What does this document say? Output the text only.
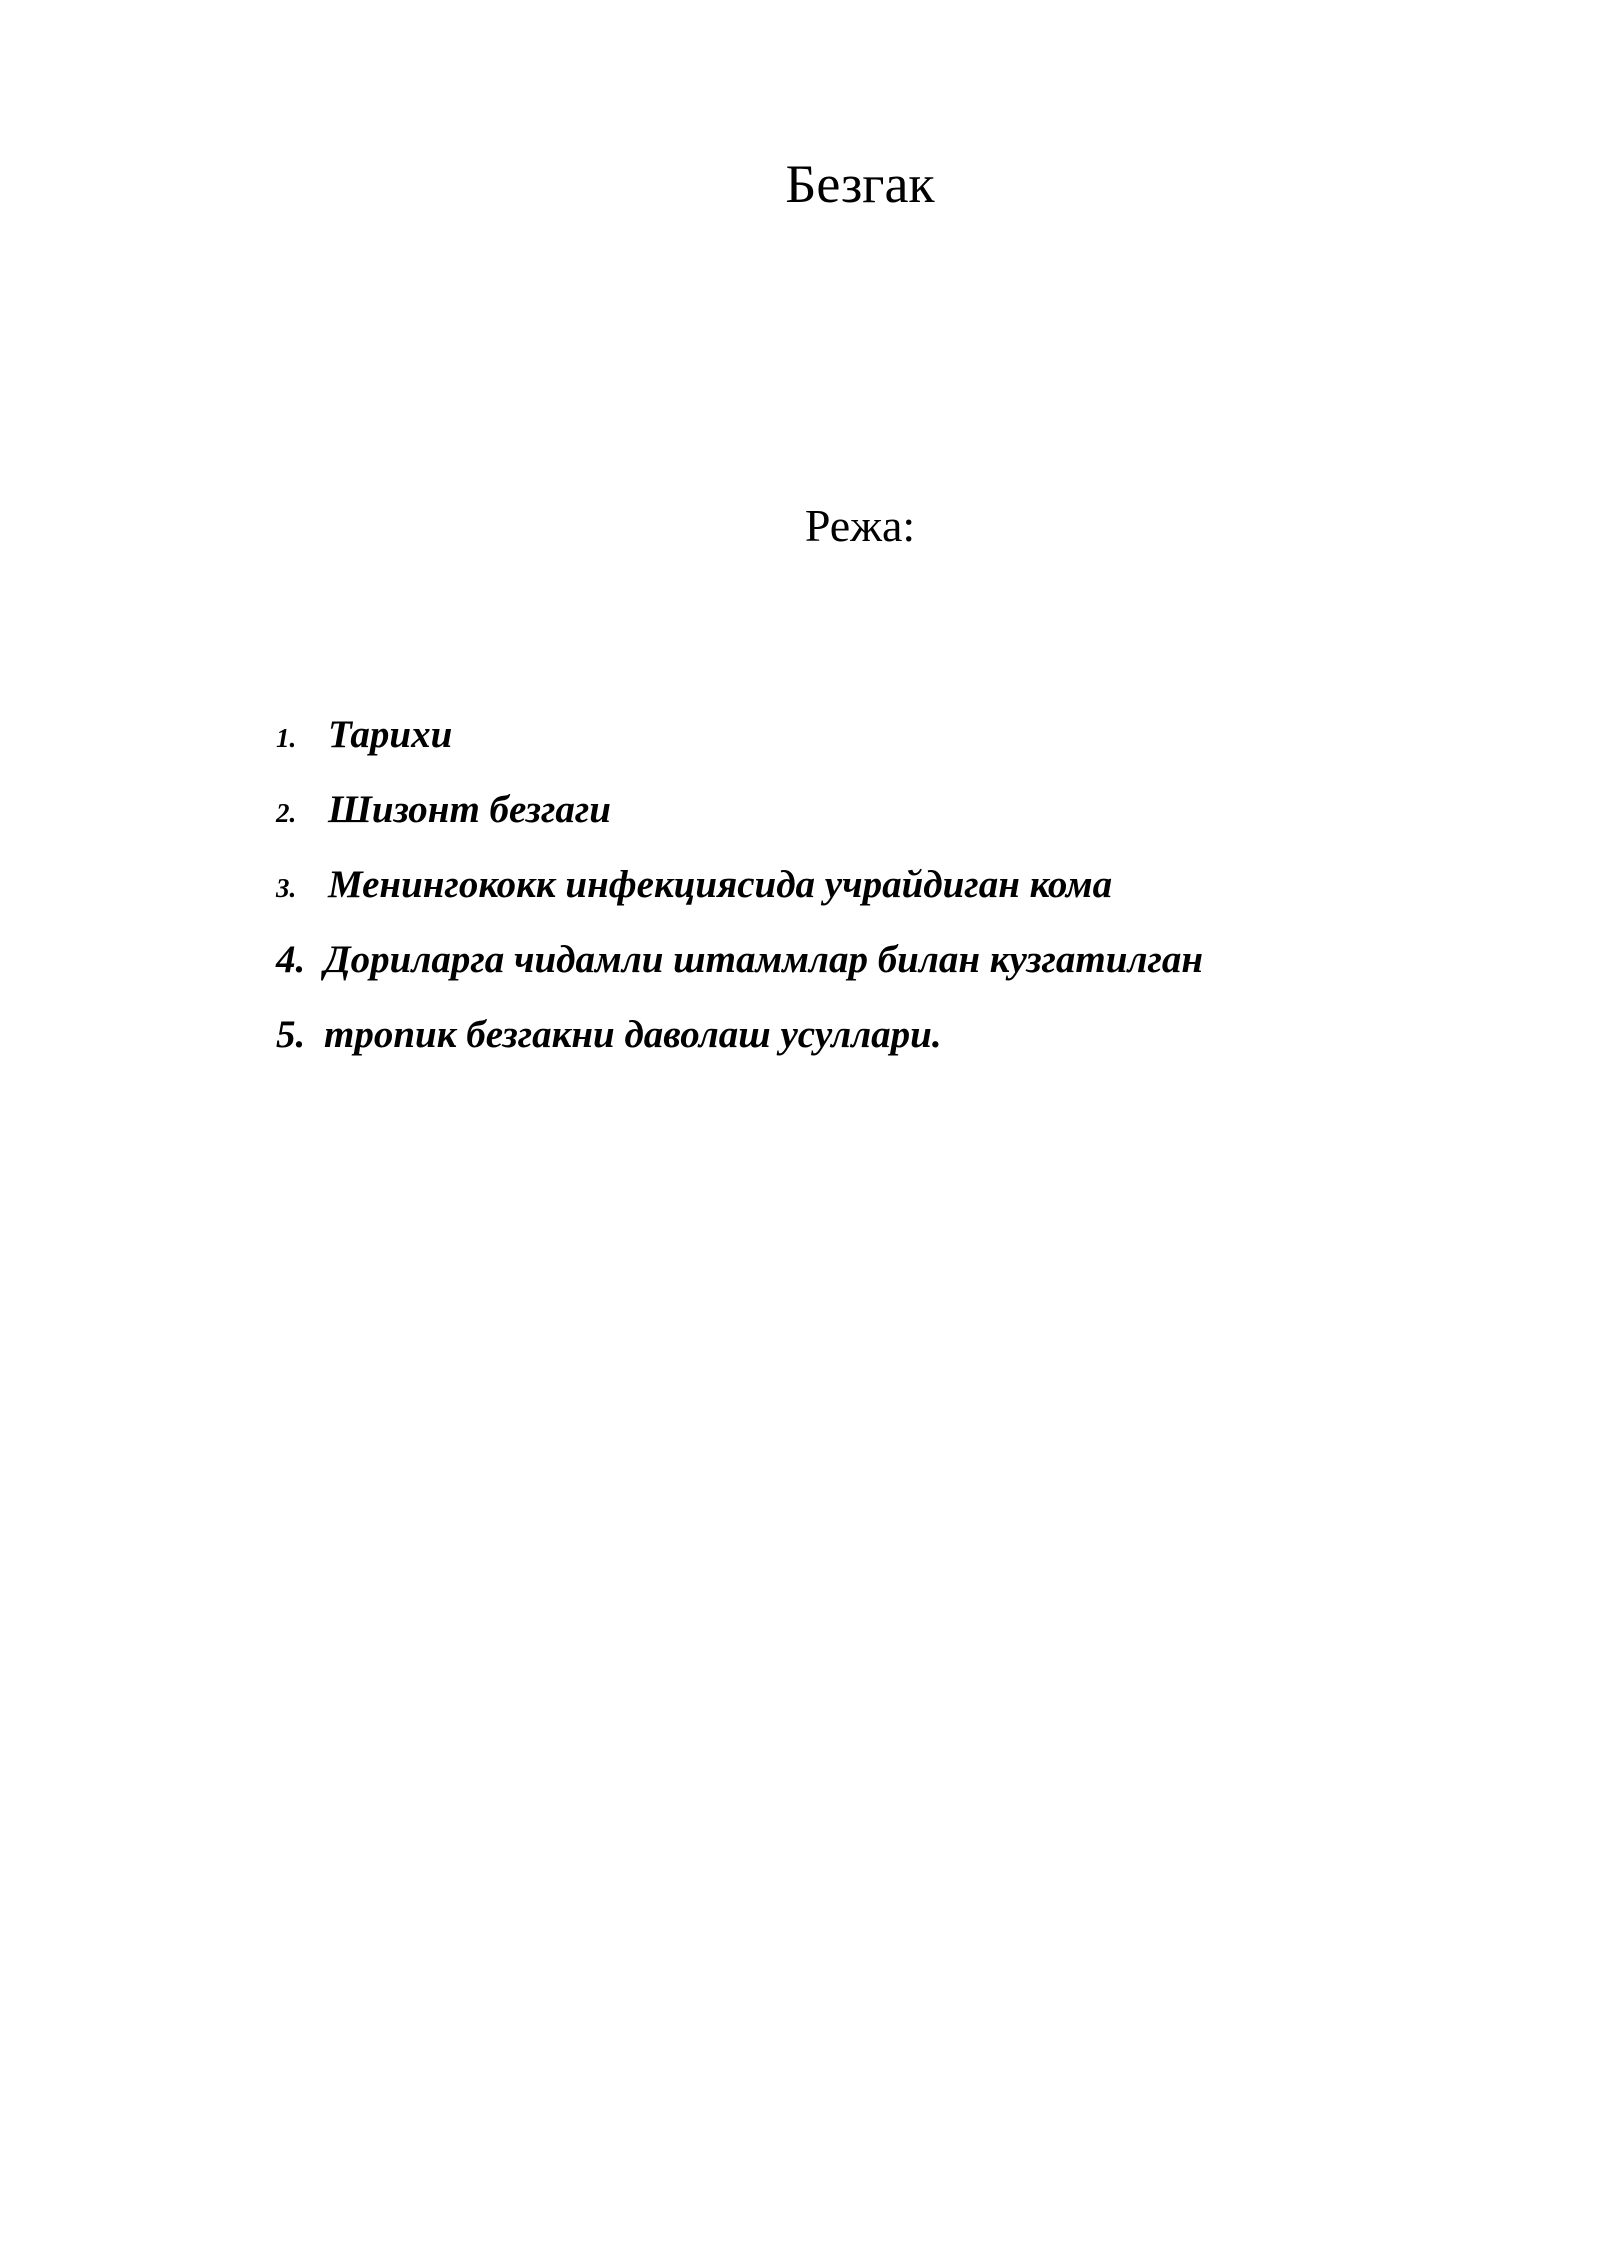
Безгак
Режа:
1. Тарихи
2. Шизонт безгаги
3. Менингококк инфекциясида учрайдиган кома
4. Дориларга чидамли штаммлар билан кузгатилган
5. тропик безгакни даволаш усуллари.
